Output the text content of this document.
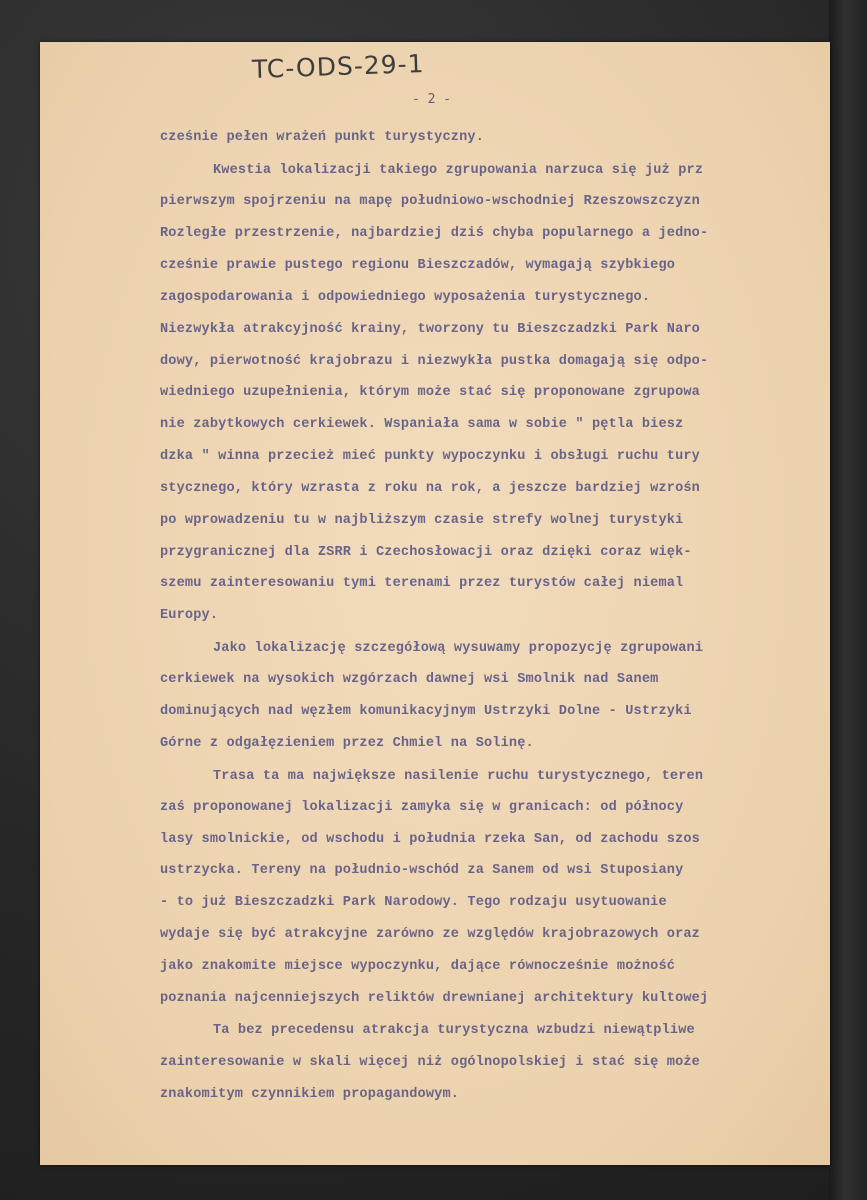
TC-ODS-29-1
- 2 -
cześnie pełen wrażeń punkt turystyczny.
Kwestia lokalizacji takiego zgrupowania narzuca się już prz
pierwszym spojrzeniu na mapę południowo-wschodniej Rzeszowszczyzn
Rozległe przestrzenie, najbardziej dziś chyba popularnego a jedno-
cześnie prawie pustego regionu Bieszczadów, wymagają szybkiego
zagospodarowania i odpowiedniego wyposażenia turystycznego.
Niezwykła atrakcyjność krainy, tworzony tu Bieszczadzki Park Naro
dowy, pierwotność krajobrazu i niezwykła pustka domagają się odpo-
wiedniego uzupełnienia, którym może stać się proponowane zgrupowa
nie zabytkowych cerkiewek. Wspaniała sama w sobie " pętla biesz
dzka " winna przecież mieć punkty wypoczynku i obsługi ruchu tury
stycznego, który wzrasta z roku na rok, a jeszcze bardziej wzrośn
po wprowadzeniu tu w najbliższym czasie strefy wolnej turystyki
przygranicznej dla ZSRR i Czechosłowacji oraz dzięki coraz więk-
szemu zainteresowaniu tymi terenami przez turystów całej niemal
Europy.
Jako lokalizację szczegółową wysuwamy propozycję zgrupowani
cerkiewek na wysokich wzgórzach dawnej wsi Smolnik nad Sanem
dominujących nad węzłem komunikacyjnym Ustrzyki Dolne - Ustrzyki
Górne z odgałęzieniem przez Chmiel na Solinę.
Trasa ta ma największe nasilenie ruchu turystycznego, teren
zaś proponowanej lokalizacji zamyka się w granicach: od północy
lasy smolnickie, od wschodu i południa rzeka San, od zachodu szos
ustrzycka. Tereny na południo-wschód za Sanem od wsi Stuposiany
- to już Bieszczadzki Park Narodowy. Tego rodzaju usytuowanie
wydaje się być atrakcyjne zarówno ze względów krajobrazowych oraz
jako znakomite miejsce wypoczynku, dające równocześnie możność
poznania najcenniejszych reliktów drewnianej architektury kultowej
Ta bez precedensu atrakcja turystyczna wzbudzi niewątpliwe
zainteresowanie w skali więcej niż ogólnopolskiej i stać się może
znakomitym czynnikiem propagandowym.
